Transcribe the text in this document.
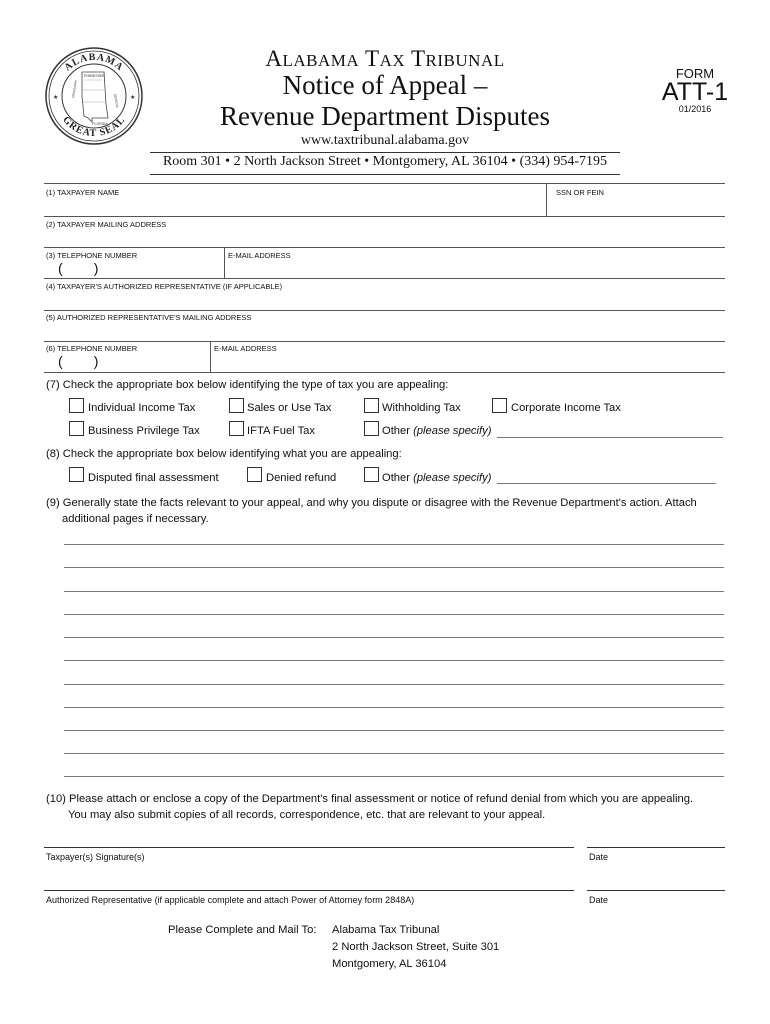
ALABAMA
GREAT SEAL
★	★
TENNESSEE
MISSISSIPPI
GEORGIA
FLORIDA
ALABAMA TAX TRIBUNAL
Notice of Appeal –
Revenue Department Disputes
www.taxtribunal.alabama.gov
Room 301 • 2 North Jackson Street • Montgomery, AL 36104 • (334) 954-7195
FORM
ATT-1
01/2016
(1) TAXPAYER NAME	SSN OR FEIN
(2) TAXPAYER MAILING ADDRESS
(3) TELEPHONE NUMBER	E-MAIL ADDRESS
(        )
(4) TAXPAYER'S AUTHORIZED REPRESENTATIVE (IF APPLICABLE)
(5) AUTHORIZED REPRESENTATIVE'S MAILING ADDRESS
(6) TELEPHONE NUMBER	E-MAIL ADDRESS
(        )
(7) Check the appropriate box below identifying the type of tax you are appealing:
Individual Income Tax	Sales or Use Tax	Withholding Tax	Corporate Income Tax
Business Privilege Tax	IFTA Fuel Tax	Other (please specify)
(8) Check the appropriate box below identifying what you are appealing:
Disputed final assessment	Denied refund	Other (please specify)
(9) Generally state the facts relevant to your appeal, and why you dispute or disagree with the Revenue Department's action. Attach
additional pages if necessary.
(10) Please attach or enclose a copy of the Department's final assessment or notice of refund denial from which you are appealing.
You may also submit copies of all records, correspondence, etc. that are relevant to your appeal.
Taxpayer(s) Signature(s)	Date
Authorized Representative (if applicable complete and attach Power of Attorney form 2848A)	Date
Please Complete and Mail To: Alabama Tax Tribunal
2 North Jackson Street, Suite 301
Montgomery, AL 36104
